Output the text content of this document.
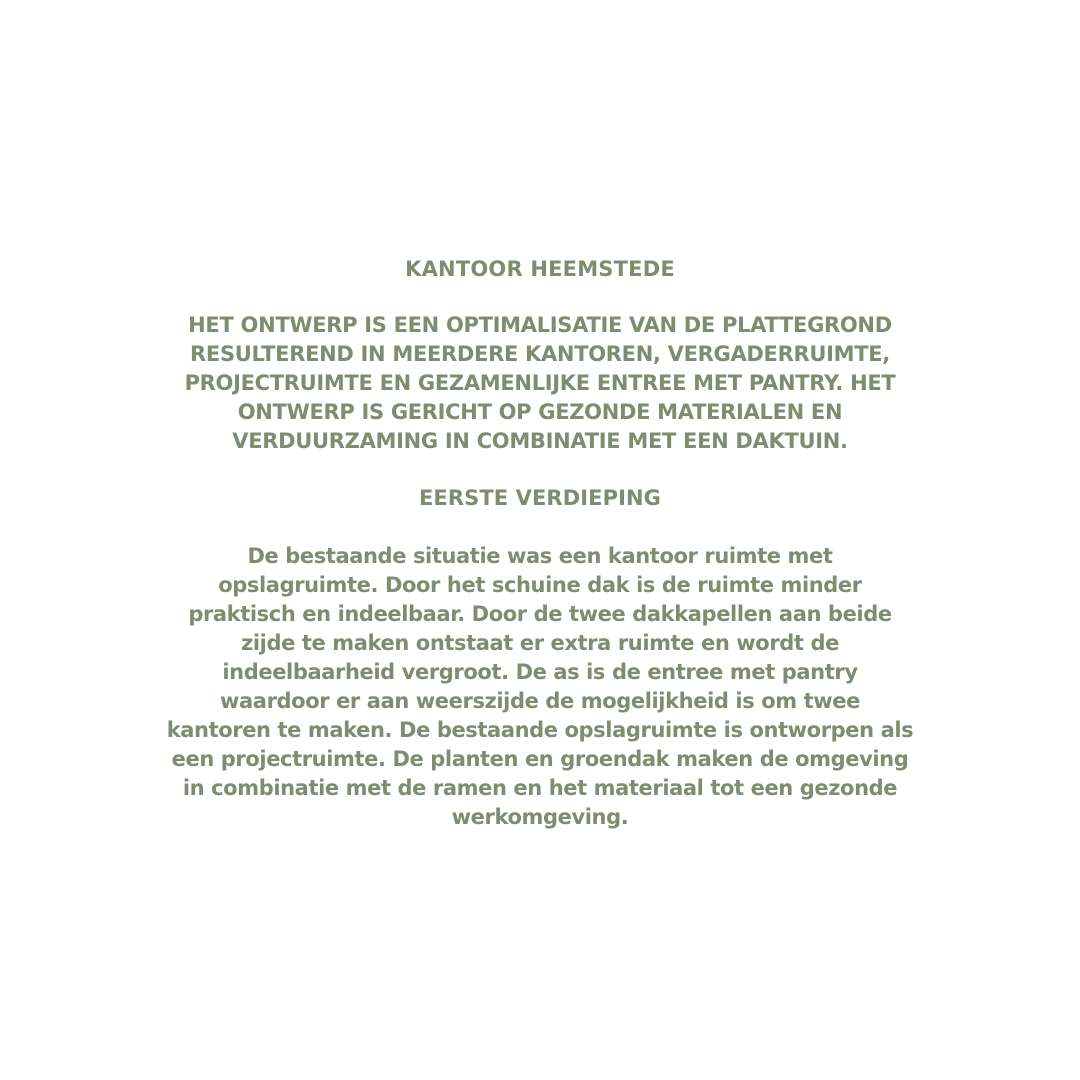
KANTOOR HEEMSTEDE
HET ONTWERP IS EEN OPTIMALISATIE VAN DE PLATTEGROND
RESULTEREND IN MEERDERE KANTOREN, VERGADERRUIMTE,
PROJECTRUIMTE EN GEZAMENLIJKE ENTREE MET PANTRY. HET
ONTWERP IS GERICHT OP GEZONDE MATERIALEN EN
VERDUURZAMING IN COMBINATIE MET EEN DAKTUIN.
EERSTE VERDIEPING
De bestaande situatie was een kantoor ruimte met
opslagruimte. Door het schuine dak is de ruimte minder
praktisch en indeelbaar. Door de twee dakkapellen aan beide
zijde te maken ontstaat er extra ruimte en wordt de
indeelbaarheid vergroot. De as is de entree met pantry
waardoor er aan weerszijde de mogelijkheid is om twee
kantoren te maken. De bestaande opslagruimte is ontworpen als
een projectruimte. De planten en groendak maken de omgeving
in combinatie met de ramen en het materiaal tot een gezonde
werkomgeving.
